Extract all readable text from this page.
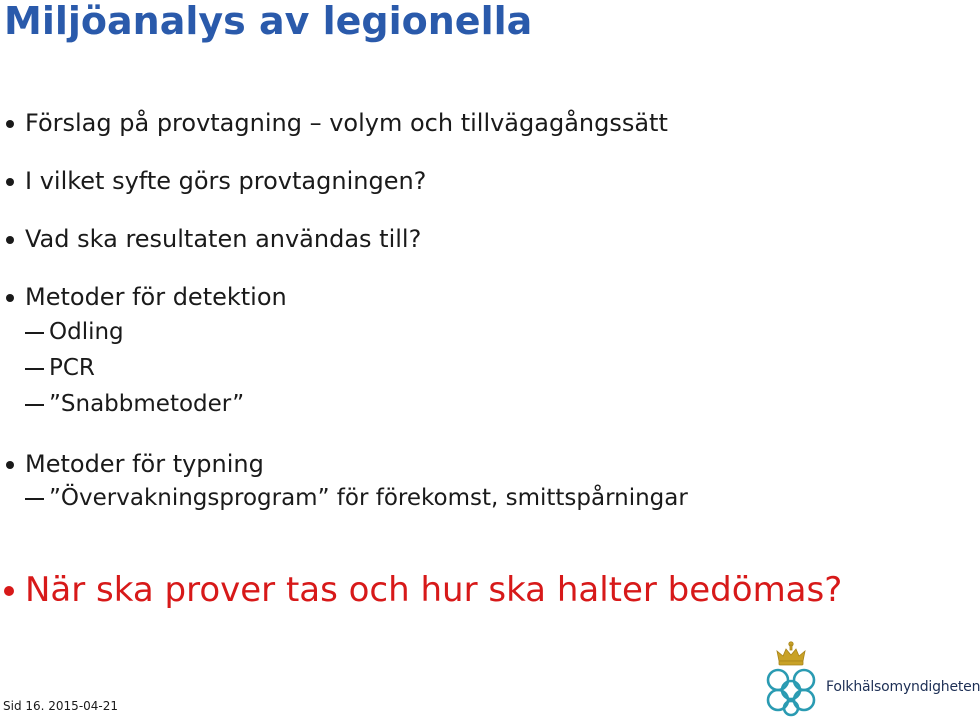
Miljöanalys av legionella
Förslag på provtagning – volym och tillvägagångssätt
I vilket syfte görs provtagningen?
Vad ska resultaten användas till?
Metoder för detektion
Odling
PCR
”Snabbmetoder”
Metoder för typning
”Övervakningsprogram” för förekomst, smittspårningar
När ska prover tas och hur ska halter bedömas?
Sid 16. 2015-04-21
Folkhälsomyndigheten
